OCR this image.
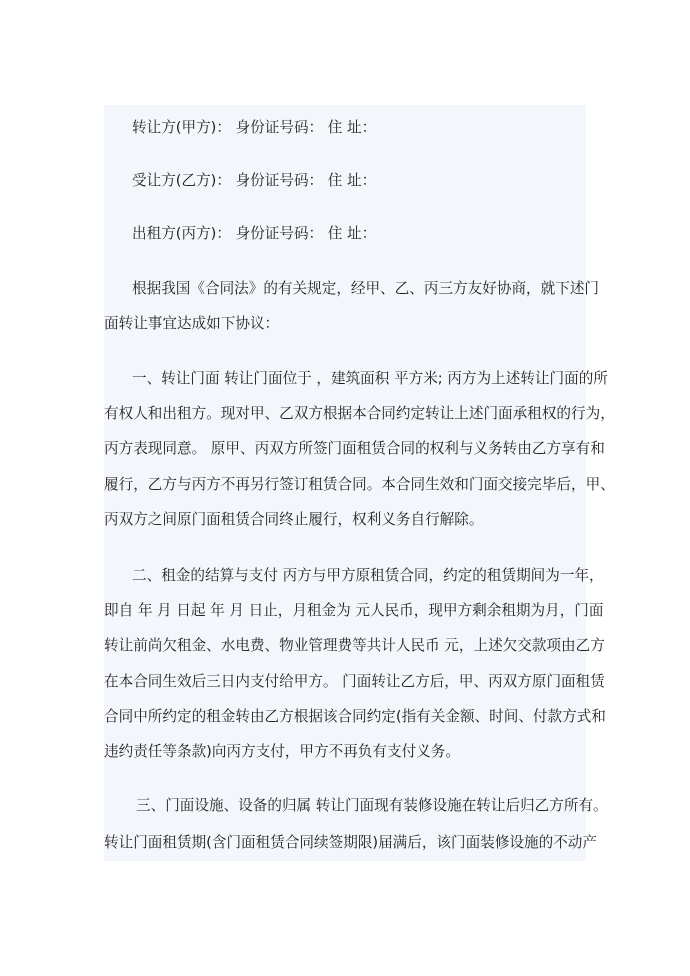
转让方(甲方)： 身份证号码： 住 址：
受让方(乙方)： 身份证号码： 住 址：
出租方(丙方)： 身份证号码： 住 址：
根据我国《合同法》的有关规定，经甲、乙、丙三方友好协商，就下述门
面转让事宜达成如下协议：
一、转让门面 转让门面位于 ，建筑面积 平方米; 丙方为上述转让门面的所
有权人和出租方。现对甲、乙双方根据本合同约定转让上述门面承租权的行为，
丙方表现同意。 原甲、丙双方所签门面租赁合同的权利与义务转由乙方享有和
履行，乙方与丙方不再另行签订租赁合同。本合同生效和门面交接完毕后，甲、
丙双方之间原门面租赁合同终止履行，权利义务自行解除。
二、租金的结算与支付 丙方与甲方原租赁合同，约定的租赁期间为一年，
即自 年 月 日起 年 月 日止，月租金为 元人民币，现甲方剩余租期为月，门面
转让前尚欠租金、水电费、物业管理费等共计人民币 元，上述欠交款项由乙方
在本合同生效后三日内支付给甲方。 门面转让乙方后，甲、丙双方原门面租赁
合同中所约定的租金转由乙方根据该合同约定(指有关金额、时间、付款方式和
违约责任等条款)向丙方支付，甲方不再负有支付义务。
三、门面设施、设备的归属 转让门面现有装修设施在转让后归乙方所有。
转让门面租赁期(含门面租赁合同续签期限)届满后，该门面装修设施的不动产
